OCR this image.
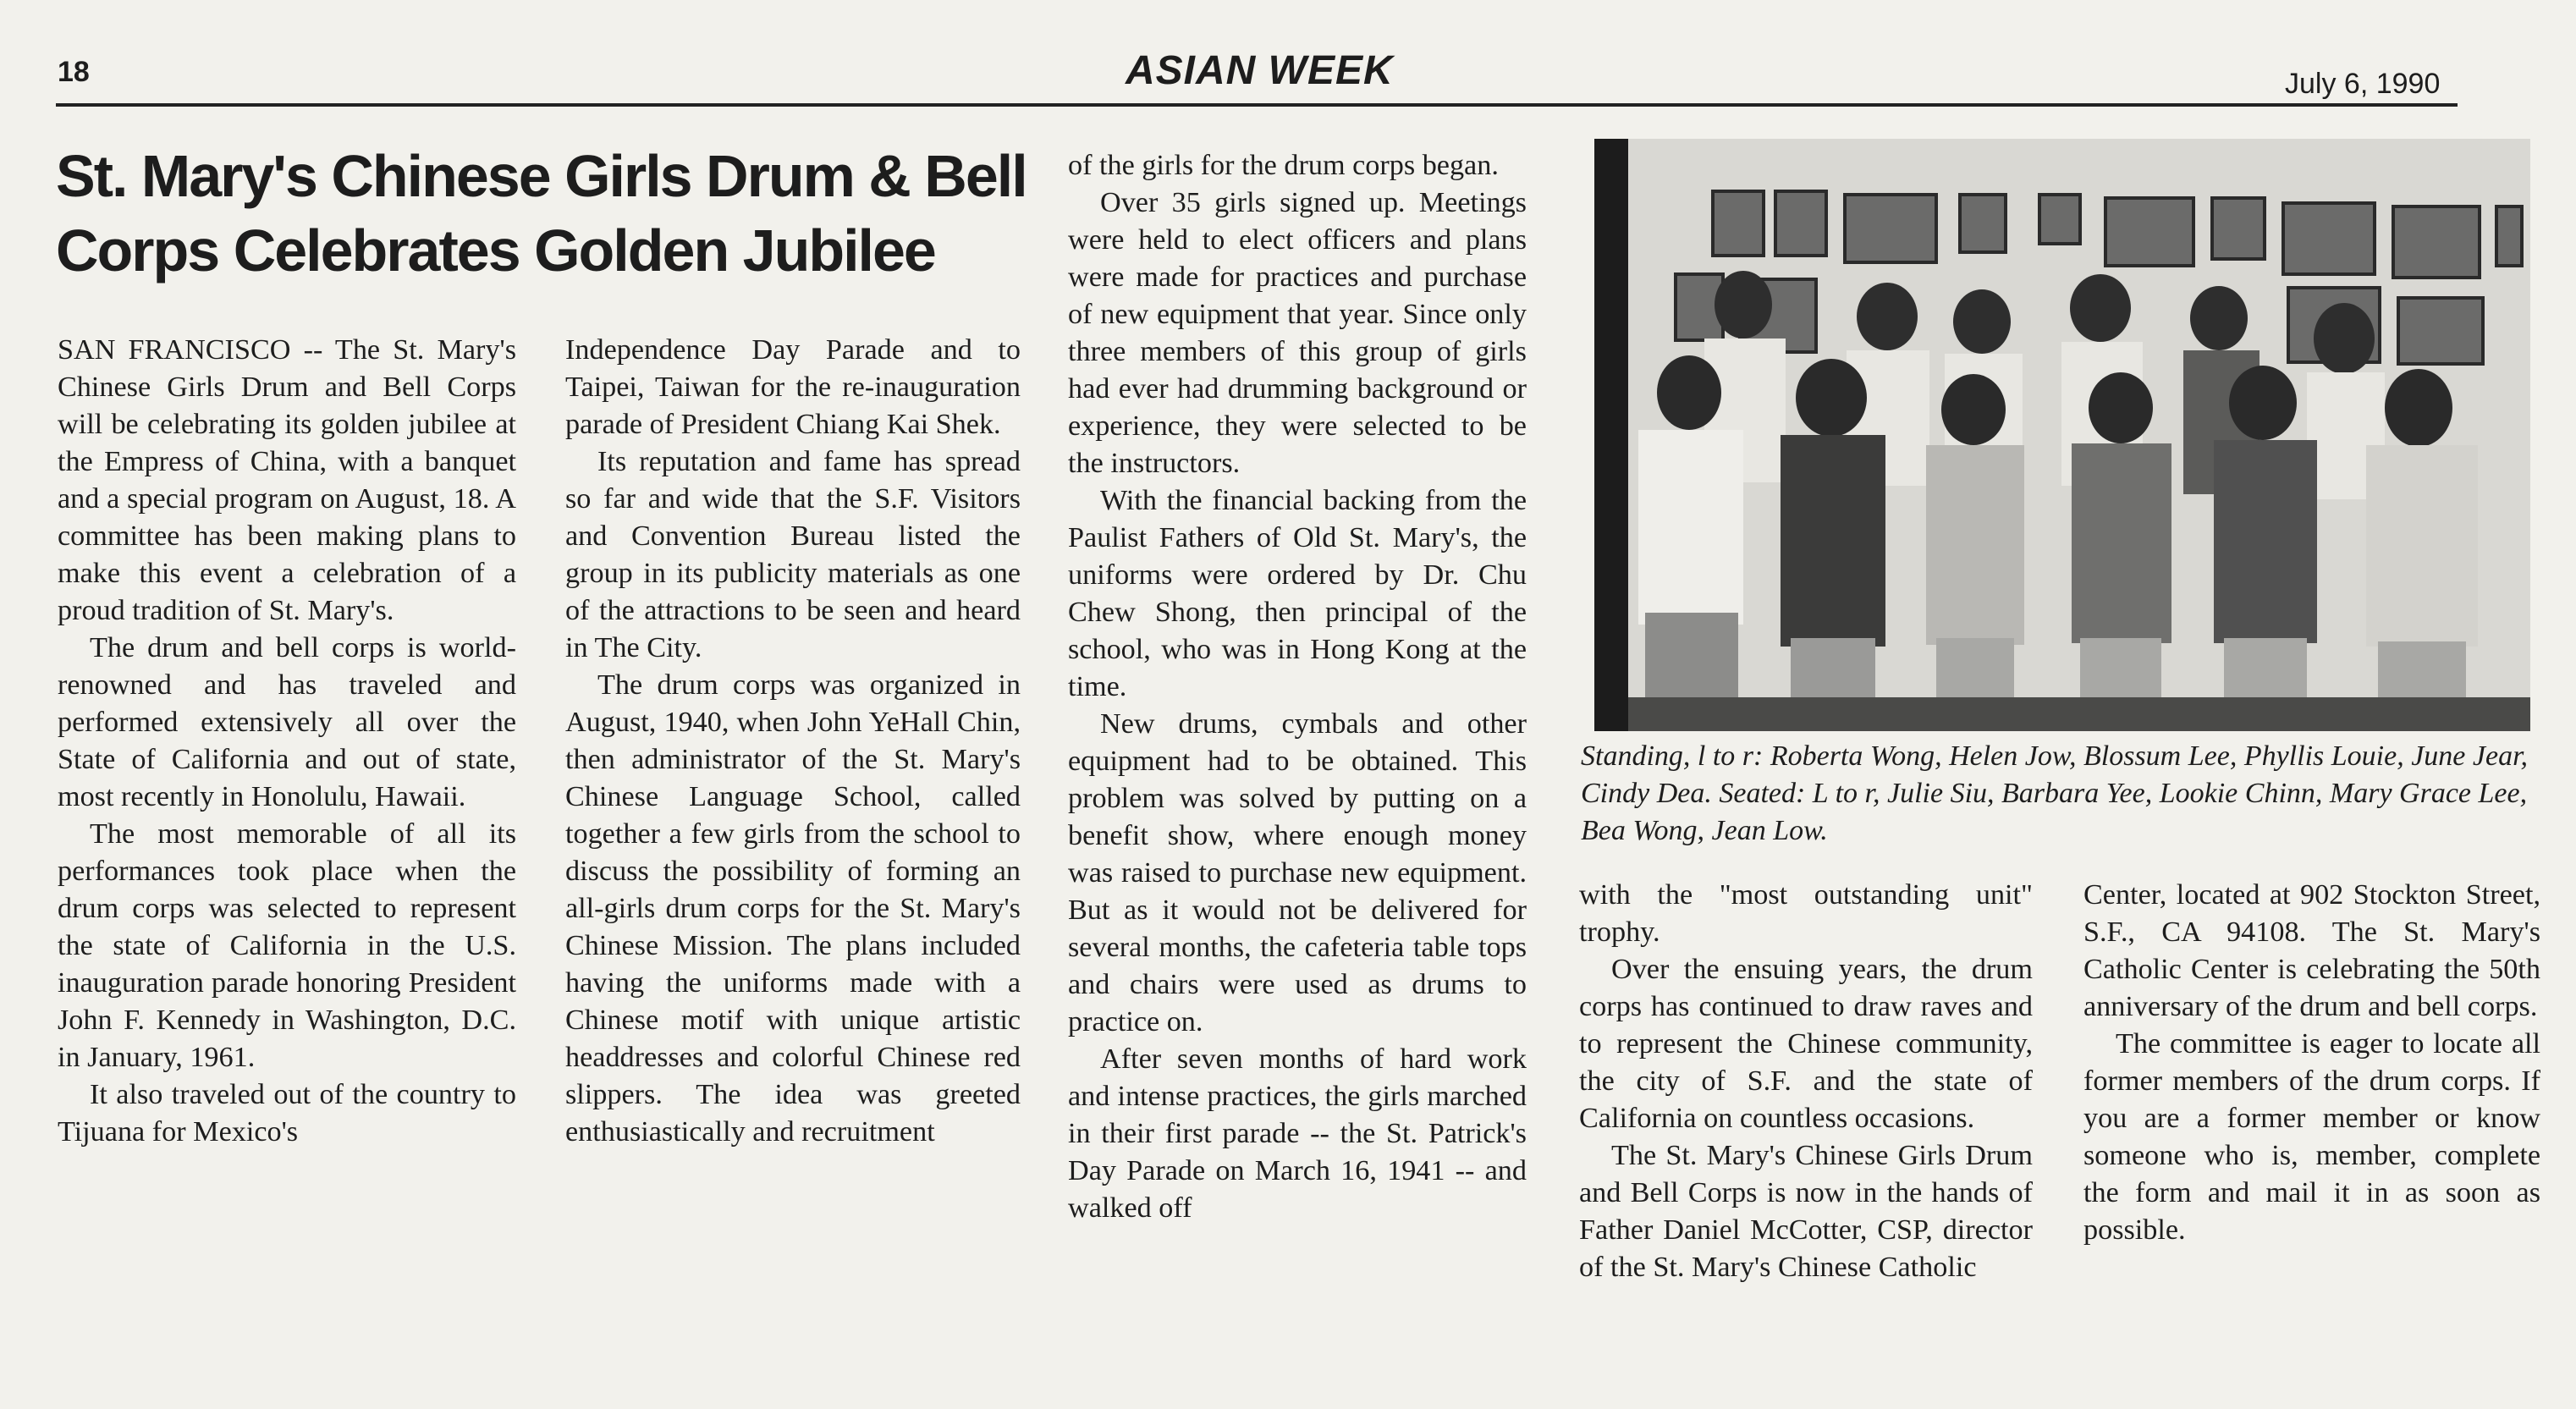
18	ASIAN WEEK	July 6, 1990
St. Mary's Chinese Girls Drum & Bell Corps Celebrates Golden Jubilee

SAN FRANCISCO -- The St. Mary's Chinese Girls Drum and Bell Corps will be celebrating its golden jubilee at the Empress of China, with a banquet and a special program on August, 18. A committee has been making plans to make this event a celebration of a proud tradition of St. Mary's.

The drum and bell corps is world-renowned and has traveled and performed extensively all over the State of California and out of state, most recently in Honolulu, Hawaii.

The most memorable of all its performances took place when the drum corps was selected to represent the state of California in the U.S. inauguration parade honoring President John F. Kennedy in Washington, D.C. in January, 1961.

It also traveled out of the country to Tijuana for Mexico's

Independence Day Parade and to Taipei, Taiwan for the re-inauguration parade of President Chiang Kai Shek.

Its reputation and fame has spread so far and wide that the S.F. Visitors and Convention Bureau listed the group in its publicity materials as one of the attractions to be seen and heard in The City.

The drum corps was organized in August, 1940, when John YeHall Chin, then administrator of the St. Mary's Chinese Language School, called together a few girls from the school to discuss the possibility of forming an all-girls drum corps for the St. Mary's Chinese Mission. The plans included having the uniforms made with a Chinese motif with unique artistic headdresses and colorful Chinese red slippers. The idea was greeted enthusiastically and recruitment

of the girls for the drum corps began.

Over 35 girls signed up. Meetings were held to elect officers and plans were made for practices and purchase of new equipment that year. Since only three members of this group of girls had ever had drumming background or experience, they were selected to be the instructors.

With the financial backing from the Paulist Fathers of Old St. Mary's, the uniforms were ordered by Dr. Chu Chew Shong, then principal of the school, who was in Hong Kong at the time.

New drums, cymbals and other equipment had to be obtained. This problem was solved by putting on a benefit show, where enough money was raised to purchase new equipment. But as it would not be delivered for several months, the cafeteria table tops and chairs were used as drums to practice on.

After seven months of hard work and intense practices, the girls marched in their first parade -- the St. Patrick's Day Parade on March 16, 1941 -- and walked off

Standing, l to r: Roberta Wong, Helen Jow, Blossum Lee, Phyllis Louie, June Jear, Cindy Dea. Seated: L to r, Julie Siu, Barbara Yee, Lookie Chinn, Mary Grace Lee, Bea Wong, Jean Low.

with the "most outstanding unit" trophy.

Over the ensuing years, the drum corps has continued to draw raves and to represent the Chinese community, the city of S.F. and the state of California on countless occasions.

The St. Mary's Chinese Girls Drum and Bell Corps is now in the hands of Father Daniel McCotter, CSP, director of the St. Mary's Chinese Catholic

Center, located at 902 Stockton Street, S.F., CA 94108. The St. Mary's Catholic Center is celebrating the 50th anniversary of the drum and bell corps.

The committee is eager to locate all former members of the drum corps. If you are a former member or know someone who is, member, complete the form and mail it in as soon as possible.
